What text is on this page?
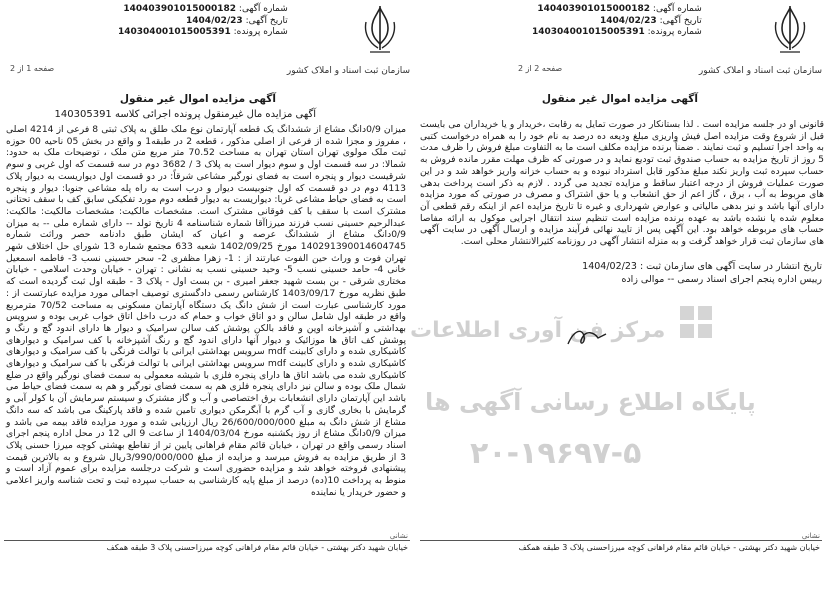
سازمان ثبت اسناد و املاک کشور
شماره آگهی: 140403901015000182
تاریخ آگهی: 1404/02/23
شماره پرونده: 140304001015005391
صفحه 2 از 2
آگهی مزایده اموال غیر منقول

قانونی او در جلسه مزایده است . لذا بستانکار در صورت تمایل به رقابت ،خریدار و یا خریداران می بایست قبل از شروع وقت مزایده اصل فیش واریزی مبلغ ودیعه ده درصد به نام خود را به همراه درخواست کتبی به واحد اجرا تسلیم و ثبت نمایند . ضمناً برنده مزایده مکلف است ما به التفاوت مبلغ فروش را ظرف مدت 5 روز از تاریخ مزایده به حساب صندوق ثبت تودیع نماید و در صورتی که ظرف مهلت مقرر مانده فروش به حساب سپرده ثبت واریز نکند مبلغ مذکور قابل استرداد نبوده و به حساب خزانه واریز خواهد شد و در این صورت عملیات فروش از درجه اعتبار ساقط و مزایده تجدید می گردد . لازم به ذکر است پرداخت بدهی های مربوط به آب ، برق ، گاز اعم از حق انشعاب و یا حق اشتراک و مصرف در صورتی که مورد مزایده دارای آنها باشد و نیز بدهی مالیاتی و عوارض شهرداری و غیره تا تاریخ مزایده اعم از اینکه رقم قطعی آن معلوم شده یا نشده باشد به عهده برنده مزایده است تنظیم سند انتقال اجرایی موکول به ارائه مفاصا حساب های مربوطه خواهد بود. این آگهی پس از تایید نهائی فرآیند مزایده و ارسال آگهی در سایت آگهی های سازمان ثبت قرار خواهد گرفت و به منزله انتشار آگهی در روزنامه کثیرالانتشار محلی است.

تاریخ انتشار در سایت آگهی های سازمان ثبت : 1404/02/23
رییس اداره پنجم اجرای اسناد رسمی -- موالی زاده
نشانی
خیابان شهید دکتر بهشتی - خیابان قائم مقام فراهانی کوچه میرزاحسنی پلاک 3 طبقه همکف
سازمان ثبت اسناد و املاک کشور
شماره آگهی: 140403901015000182
تاریخ آگهی: 1404/02/23
شماره پرونده: 140304001015005391
صفحه 1 از 2
آگهی مزایده اموال غیر منقول
آگهی مزایده مال غیرمنقول پرونده اجرائی کلاسه 140305391

میزان 0/9دانگ مشاع از ششدانگ یک قطعه آپارتمان نوع ملک طلق به پلاک ثبتی 8 فرعی از 4214 اصلی ، مفروز و مجزا شده از فرعی از اصلی مذکور ، قطعه 2 در طبقه1 و واقع در بخش 05 ناحیه 00 حوزه ثبت ملک مولوی تهران استان تهران به مساحت 70.52 متر مربع متن ملک ، توضیحات ملک به حدود: شمالا: در سه قسمت اول و سوم دیوار است به پلاک 3 / 3682 دوم در سه قسمت که اول غربی و سوم شرقیست دیوار و پنجره است به فضای نورگیر مشاعی شرقاً: در دو قسمت اول دیواریست به دیوار پلاک 4113 دوم در دو قسمت که اول جنوبیست دیوار و درب است به راه پله مشاعی جنوبا: دیوار و پنجره است به فضای حیاط مشاعی غربا: دیواریست به دیوار قطعه دوم مورد تفکیکی سابق کف با سقف تحتانی مشترک است با سقف با کف فوقانی مشترک است. مشخصات مالکیت: مشخصات مالکیت: مالکیت: عبدالرحیم حسینی نسب فرزند میرزاآقا شماره شناسنامه 4 تاریخ تولد -- دارای شماره ملی -- به میزان 0/9دانگ مشاع از ششدانگ عرصه و اعیان که ایشان طبق دادنامه حصر وراثت شماره 140291390014604745 مورخ 1402/09/25 شعبه 633 مجتمع شماره 13 شورای حل اختلاف شهر تهران فوت و وراث حین الفوت عبارتند از : 1- زهرا مظفری 2- سحر حسینی نسب 3- فاطمه اسمعیل خانی 4- حامد حسینی نسب 5- وحید حسینی نسب به نشانی : تهران - خیابان وحدت اسلامی - خیابان مختاری شرقی - بن بست شهید جعفر امیری - بن بست اول - پلاک 3 - طبقه اول ثبت گردیده است که طبق نظریه مورخ 1403/09/17 کارشناس رسمی دادگستری توصیف اجمالی مورد مزایده عبارتست از : مورد کارشناسی عبارت است از شش دانگ یک دستگاه آپارتمان مسکونی به مساحت 70/52 مترمربع واقع در طبقه اول شامل سالن و دو اتاق خواب و حمام که درب داخل اتاق خواب غربی بوده و سرویس بهداشتی و آشپزخانه اوپن و فاقد بالکن پوشش کف سالن سرامیک و دیوار ها دارای اندود گچ و رنگ و پوشش کف اتاق ها موزائیک و دیوار آنها دارای اندود گچ و رنگ آشپزخانه با کف سرامیک و دیوارهای کاشیکاری شده و دارای کابینت mdf سرویس بهداشتی ایرانی با توالت فرنگی با کف سرامیک و دیوارهای کاشیکاری شده و دارای کابینت mdf سرویس بهداشتی ایرانی با توالت فرنگی با کف سرامیک و دیوارهای کاشیکاری شده می باشد اتاق ها دارای پنجره فلزی با شیشه معمولی به سمت فضای نورگیر واقع در ضلع شمال ملک بوده و سالن نیز دارای پنجره فلزی هم به سمت فضای نورگیر و هم به سمت فضای حیاط می باشد این آپارتمان دارای انشعابات برق اختصاصی و آب و گاز مشترک و سیستم سرمایش آن با کولر آبی و گرمایش با بخاری گازی و آب گرم با آبگرمکن دیواری تامین شده و فاقد پارکینگ می باشد که سه دانگ مشاع از شش دانگ به مبلغ 26/600/000/000 ریال ارزیابی شده و مورد مزایده فاقد بیمه می باشد و میزان 0/9دانگ مشاع از روز یکشنبه مورخ 1404/03/04 از ساعت 9 الی 12 در محل اداره پنجم اجرای اسناد رسمی واقع در تهران ، خیابان قائم مقام فراهانی پایین تر از تقاطع بهشتی کوچه میرزا حسنی پلاک 3 از طریق مزایده به فروش میرسد و مزایده از مبلغ 3/990/000/000ریال شروع و به بالاترین قیمت پیشنهادی فروخته خواهد شد و مزایده حضوری است و شرکت درجلسه مزایده برای عموم آزاد است و منوط به پرداخت 10(ده) درصد از مبلغ پایه کارشناسی به حساب سپرده ثبت و تحت شناسه واریز اعلامی و حضور خریدار یا نماینده

نشانی
خیابان شهید دکتر بهشتی - خیابان قائم مقام فراهانی کوچه میرزاحسنی پلاک 3 طبقه همکف
مرکز فن آوری اطلاعات
پایگاه اطلاع رسانی آگهی ها
۲۰-۱۹۶۹۷-۵
